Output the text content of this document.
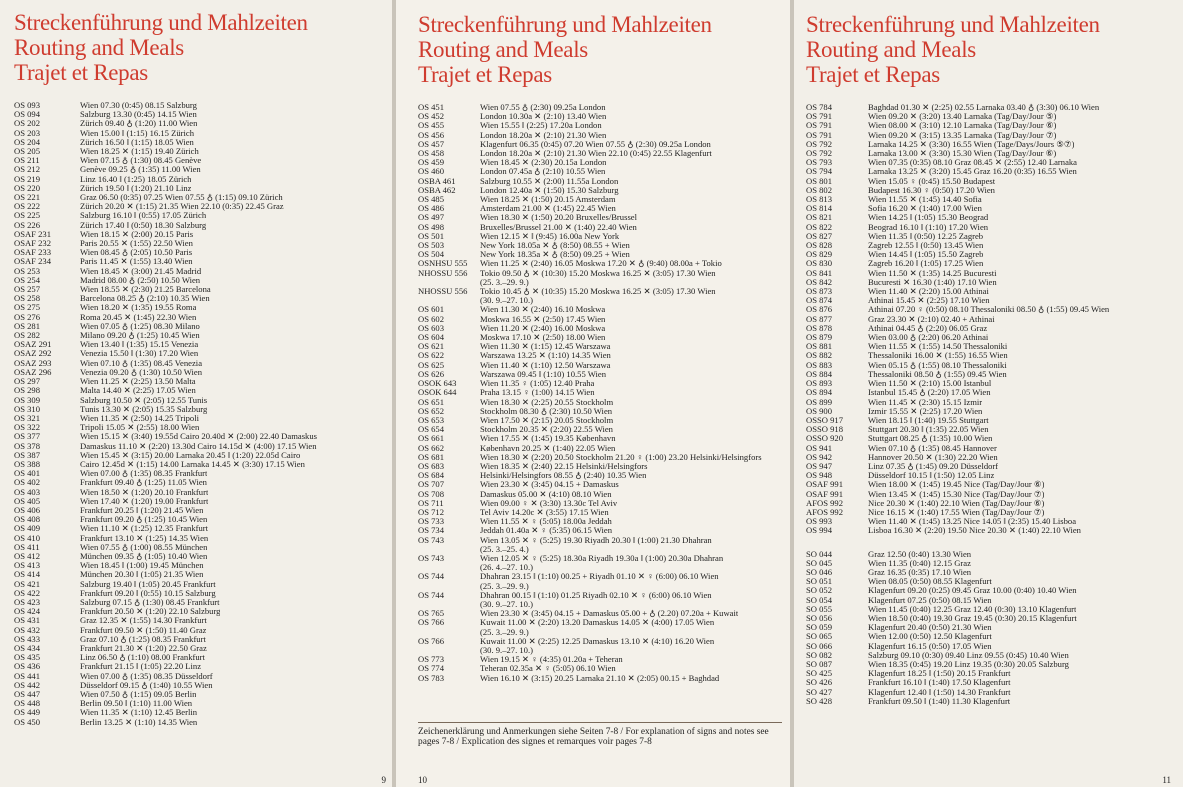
Streckenführung und Mahlzeiten
Routing and Meals
Trajet et Repas
OS 093	Wien 07.30 (0:45) 08.15 Salzburg
OS 094	Salzburg 13.30 (0:45) 14.15 Wien
OS 202	Zürich 09.40 ♁ (1:20) 11.00 Wien
OS 203	Wien 15.00 ‖ (1:15) 16.15 Zürich
OS 204	Zürich 16.50 ‖ (1:15) 18.05 Wien
OS 205	Wien 18.25 ✕ (1:15) 19.40 Zürich
OS 211	Wien 07.15 ♁ (1:30) 08.45 Genève
OS 212	Genève 09.25 ♁ (1:35) 11.00 Wien
OS 219	Linz 16.40 ‖ (1:25) 18.05 Zürich
OS 220	Zürich 19.50 ‖ (1:20) 21.10 Linz
OS 221	Graz 06.50 (0:35) 07.25 Wien 07.55 ♁ (1:15) 09.10 Zürich
OS 222	Zürich 20.20 ✕ (1:15) 21.35 Wien 22.10 (0:35) 22.45 Graz
OS 225	Salzburg 16.10 ‖ (0:55) 17.05 Zürich
OS 226	Zürich 17.40 ‖ (0:50) 18.30 Salzburg
OSAF 231	Wien 18.15 ✕ (2:00) 20.15 Paris
OSAF 232	Paris 20.55 ✕ (1:55) 22.50 Wien
OSAF 233	Wien 08.45 ♁ (2:05) 10.50 Paris
OSAF 234	Paris 11.45 ✕ (1:55) 13.40 Wien
OS 253	Wien 18.45 ✕ (3:00) 21.45 Madrid
OS 254	Madrid 08.00 ♁ (2:50) 10.50 Wien
OS 257	Wien 18.55 ✕ (2:30) 21.25 Barcelona
OS 258	Barcelona 08.25 ♁ (2:10) 10.35 Wien
OS 275	Wien 18.20 ✕ (1:35) 19.55 Roma
OS 276	Roma 20.45 ✕ (1:45) 22.30 Wien
OS 281	Wien 07.05 ♁ (1:25) 08.30 Milano
OS 282	Milano 09.20 ♁ (1:25) 10.45 Wien
OSAZ 291	Wien 13.40 ‖ (1:35) 15.15 Venezia
OSAZ 292	Venezia 15.50 ‖ (1:30) 17.20 Wien
OSAZ 293	Wien 07.10 ♁ (1:35) 08.45 Venezia
OSAZ 296	Venezia 09.20 ♁ (1:30) 10.50 Wien
OS 297	Wien 11.25 ✕ (2:25) 13.50 Malta
OS 298	Malta 14.40 ✕ (2:25) 17.05 Wien
OS 309	Salzburg 10.50 ✕ (2:05) 12.55 Tunis
OS 310	Tunis 13.30 ✕ (2:05) 15.35 Salzburg
OS 321	Wien 11.35 ✕ (2:50) 14.25 Tripoli
OS 322	Tripoli 15.05 ✕ (2:55) 18.00 Wien
OS 377	Wien 15.15 ✕ (3:40) 19.55d Cairo 20.40d ✕ (2:00) 22.40 Damaskus
OS 378	Damaskus 11.10 ✕ (2:20) 13.30d Cairo 14.15d ✕ (4:00) 17.15 Wien
OS 387	Wien 15.45 ✕ (3:15) 20.00 Larnaka 20.45 ‖ (1:20) 22.05d Cairo
OS 388	Cairo 12.45d ✕ (1:15) 14.00 Larnaka 14.45 ✕ (3:30) 17.15 Wien
OS 401	Wien 07.00 ♁ (1:35) 08.35 Frankfurt
OS 402	Frankfurt 09.40 ♁ (1:25) 11.05 Wien
OS 403	Wien 18.50 ✕ (1:20) 20.10 Frankfurt
OS 405	Wien 17.40 ✕ (1:20) 19.00 Frankfurt
OS 406	Frankfurt 20.25 ‖ (1:20) 21.45 Wien
OS 408	Frankfurt 09.20 ♁ (1:25) 10.45 Wien
OS 409	Wien 11.10 ✕ (1:25) 12.35 Frankfurt
OS 410	Frankfurt 13.10 ✕ (1:25) 14.35 Wien
OS 411	Wien 07.55 ♁ (1:00) 08.55 München
OS 412	München 09.35 ♁ (1:05) 10.40 Wien
OS 413	Wien 18.45 ‖ (1:00) 19.45 München
OS 414	München 20.30 ‖ (1:05) 21.35 Wien
OS 421	Salzburg 19.40 ‖ (1:05) 20.45 Frankfurt
OS 422	Frankfurt 09.20 ‖ (0:55) 10.15 Salzburg
OS 423	Salzburg 07.15 ♁ (1:30) 08.45 Frankfurt
OS 424	Frankfurt 20.50 ✕ (1:20) 22.10 Salzburg
OS 431	Graz 12.35 ✕ (1:55) 14.30 Frankfurt
OS 432	Frankfurt 09.50 ✕ (1:50) 11.40 Graz
OS 433	Graz 07.10 ♁ (1:25) 08.35 Frankfurt
OS 434	Frankfurt 21.30 ✕ (1:20) 22.50 Graz
OS 435	Linz 06.50 ♁ (1:10) 08.00 Frankfurt
OS 436	Frankfurt 21.15 ‖ (1:05) 22.20 Linz
OS 441	Wien 07.00 ♁ (1:35) 08.35 Düsseldorf
OS 442	Düsseldorf 09.15 ♁ (1:40) 10.55 Wien
OS 447	Wien 07.50 ♁ (1:15) 09.05 Berlin
OS 448	Berlin 09.50 ‖ (1:10) 11.00 Wien
OS 449	Wien 11.35 ✕ (1:10) 12.45 Berlin
OS 450	Berlin 13.25 ✕ (1:10) 14.35 Wien
9
Streckenführung und Mahlzeiten
Routing and Meals
Trajet et Repas
OS 451	Wien 07.55 ♁ (2:30) 09.25a London
OS 452	London 10.30a ✕ (2:10) 13.40 Wien
OS 455	Wien 15.55 ‖ (2:25) 17.20a London
OS 456	London 18.20a ✕ (2:10) 21.30 Wien
OS 457	Klagenfurt 06.35 (0:45) 07.20 Wien 07.55 ♁ (2:30) 09.25a London
OS 458	London 18.20a ✕ (2:10) 21.30 Wien 22.10 (0:45) 22.55 Klagenfurt
OS 459	Wien 18.45 ✕ (2:30) 20.15a London
OS 460	London 07.45a ♁ (2:10) 10.55 Wien
OSBA 461	Salzburg 10.55 ✕ (2:00) 11.55a London
OSBA 462	London 12.40a ✕ (1:50) 15.30 Salzburg
OS 485	Wien 18.25 ✕ (1:50) 20.15 Amsterdam
OS 486	Amsterdam 21.00 ✕ (1:45) 22.45 Wien
OS 497	Wien 18.30 ✕ (1:50) 20.20 Bruxelles/Brussel
OS 498	Bruxelles/Brussel 21.00 ✕ (1:40) 22.40 Wien
OS 501	Wien 12.15 ✕ ‖ (9:45) 16.00a New York
OS 503	New York 18.05a ✕ ♁ (8:50) 08.55 + Wien
OS 504	New York 18.35a ✕ ♁ (8:50) 09.25 + Wien
OSNHSU 555	Wien 11.25 ✕ (2:40) 16.05 Moskwa 17.20 ✕ ♁ (9:40) 08.00a + Tokio
NHOSSU 556	Tokio 09.50 ♁ ✕ (10:30) 15.20 Moskwa 16.25 ✕ (3:05) 17.30 Wien
(25. 3.–29. 9.)
NHOSSU 556	Tokio 10.45 ♁ ✕ (10:35) 15.20 Moskwa 16.25 ✕ (3:05) 17.30 Wien
(30. 9.–27. 10.)
OS 601	Wien 11.30 ✕ (2:40) 16.10 Moskwa
OS 602	Moskwa 16.55 ✕ (2:50) 17.45 Wien
OS 603	Wien 11.20 ✕ (2:40) 16.00 Moskwa
OS 604	Moskwa 17.10 ✕ (2:50) 18.00 Wien
OS 621	Wien 11.30 ✕ (1:15) 12.45 Warszawa
OS 622	Warszawa 13.25 ✕ (1:10) 14.35 Wien
OS 625	Wien 11.40 ✕ (1:10) 12.50 Warszawa
OS 626	Warszawa 09.45 ‖ (1:10) 10.55 Wien
OSOK 643	Wien 11.35 ♀ (1:05) 12.40 Praha
OSOK 644	Praha 13.15 ♀ (1:00) 14.15 Wien
OS 651	Wien 18.30 ✕ (2:25) 20.55 Stockholm
OS 652	Stockholm 08.30 ♁ (2:30) 10.50 Wien
OS 653	Wien 17.50 ✕ (2:15) 20.05 Stockholm
OS 654	Stockholm 20.35 ✕ (2:20) 22.55 Wien
OS 661	Wien 17.55 ✕ (1:45) 19.35 København
OS 662	København 20.25 ✕ (1:40) 22.05 Wien
OS 681	Wien 18.30 ✕ (2:20) 20.50 Stockholm 21.20 ♀ (1:00) 23.20 Helsinki/Helsingfors
OS 683	Wien 18.35 ✕ (2:40) 22.15 Helsinki/Helsingfors
OS 684	Helsinki/Helsingfors 08.55 ♁ (2:40) 10.35 Wien
OS 707	Wien 23.30 ✕ (3:45) 04.15 + Damaskus
OS 708	Damaskus 05.00 ✕ (4:10) 08.10 Wien
OS 711	Wien 09.00 ♀ ✕ (3:30) 13.30c Tel Aviv
OS 712	Tel Aviv 14.20c ✕ (3:55) 17.15 Wien
OS 733	Wien 11.55 ✕ ♀ (5:05) 18.00a Jeddah
OS 734	Jeddah 01.40a ✕ ♀ (5:35) 06.15 Wien
OS 743	Wien 13.05 ✕ ♀ (5:25) 19.30 Riyadh 20.30 ‖ (1:00) 21.30 Dhahran
(25. 3.–25. 4.)
OS 743	Wien 12.05 ✕ ♀ (5:25) 18.30a Riyadh 19.30a ‖ (1:00) 20.30a Dhahran
(26. 4.–27. 10.)
OS 744	Dhahran 23.15 ‖ (1:10) 00.25 + Riyadh 01.10 ✕ ♀ (6:00) 06.10 Wien
(25. 3.–29. 9.)
OS 744	Dhahran 00.15 ‖ (1:10) 01.25 Riyadh 02.10 ✕ ♀ (6:00) 06.10 Wien
(30. 9.–27. 10.)
OS 765	Wien 23.30 ✕ (3:45) 04.15 + Damaskus 05.00 + ♁ (2.20) 07.20a + Kuwait
OS 766	Kuwait 11.00 ✕ (2:20) 13.20 Damaskus 14.05 ✕ (4:00) 17.05 Wien
(25. 3.–29. 9.)
OS 766	Kuwait 11.00 ✕ (2:25) 12.25 Damaskus 13.10 ✕ (4:10) 16.20 Wien
(30. 9.–27. 10.)
OS 773	Wien 19.15 ✕ ♀ (4:35) 01.20a + Teheran
OS 774	Teheran 02.35a ✕ ♀ (5:05) 06.10 Wien
OS 783	Wien 16.10 ✕ (3:15) 20.25 Larnaka 21.10 ✕ (2:05) 00.15 + Baghdad
Zeichenerklärung und Anmerkungen siehe Seiten 7-8 / For explanation of signs and notes see pages 7-8 / Explication des signes et remarques voir pages 7-8
10
Streckenführung und Mahlzeiten
Routing and Meals
Trajet et Repas
OS 784	Baghdad 01.30 ✕ (2:25) 02.55 Larnaka 03.40 ♁ (3:30) 06.10 Wien
OS 791	Wien 09.20 ✕ (3:20) 13.40 Larnaka (Tag/Day/Jour ⑤)
OS 791	Wien 08.00 ✕ (3:10) 12.10 Larnaka (Tag/Day/Jour ⑥)
OS 791	Wien 09.20 ✕ (3:15) 13.35 Larnaka (Tag/Day/Jour ⑦)
OS 792	Larnaka 14.25 ✕ (3:30) 16.55 Wien (Tage/Days/Jours ⑤⑦)
OS 792	Larnaka 13.00 ✕ (3:30) 15.30 Wien (Tag/Day/Jour ⑥)
OS 793	Wien 07.35 (0:35) 08.10 Graz 08.45 ✕ (2:55) 12.40 Larnaka
OS 794	Larnaka 13.25 ✕ (3:20) 15.45 Graz 16.20 (0:35) 16.55 Wien
OS 801	Wien 15.05 ♀ (0:45) 15.50 Budapest
OS 802	Budapest 16.30 ♀ (0:50) 17.20 Wien
OS 813	Wien 11.55 ✕ (1:45) 14.40 Sofia
OS 814	Sofia 16.20 ✕ (1:40) 17.00 Wien
OS 821	Wien 14.25 ‖ (1:05) 15.30 Beograd
OS 822	Beograd 16.10 ‖ (1:10) 17.20 Wien
OS 827	Wien 11.35 ‖ (0:50) 12.25 Zagreb
OS 828	Zagreb 12.55 ‖ (0:50) 13.45 Wien
OS 829	Wien 14.45 ‖ (1:05) 15.50 Zagreb
OS 830	Zagreb 16.20 ‖ (1:05) 17.25 Wien
OS 841	Wien 11.50 ✕ (1:35) 14.25 Bucuresti
OS 842	Bucuresti ✕ 16.30 (1:40) 17.10 Wien
OS 873	Wien 11.40 ✕ (2:20) 15.00 Athinai
OS 874	Athinai 15.45 ✕ (2:25) 17.10 Wien
OS 876	Athinai 07.20 ♀ (0:50) 08.10 Thessaloniki 08.50 ♁ (1:55) 09.45 Wien
OS 877	Graz 23.30 ✕ (2:10) 02.40 + Athinai
OS 878	Athinai 04.45 ♁ (2:20) 06.05 Graz
OS 879	Wien 03.00 ♁ (2:20) 06.20 Athinai
OS 881	Wien 11.55 ✕ (1:55) 14.50 Thessaloniki
OS 882	Thessaloniki 16.00 ✕ (1:55) 16.55 Wien
OS 883	Wien 05.15 ♁ (1:55) 08.10 Thessaloniki
OS 884	Thessaloniki 08.50 ♁ (1:55) 09.45 Wien
OS 893	Wien 11.50 ✕ (2:10) 15.00 Istanbul
OS 894	Istanbul 15.45 ♁ (2:20) 17.05 Wien
OS 899	Wien 11.45 ✕ (2:30) 15.15 Izmir
OS 900	Izmir 15.55 ✕ (2:25) 17.20 Wien
OSSO 917	Wien 18.15 ‖ (1:40) 19.55 Stuttgart
OSSO 918	Stuttgart 20.30 ‖ (1:35) 22.05 Wien
OSSO 920	Stuttgart 08.25 ♁ (1:35) 10.00 Wien
OS 941	Wien 07.10 ♁ (1:35) 08.45 Hannover
OS 942	Hannover 20.50 ✕ (1:30) 22.20 Wien
OS 947	Linz 07.35 ♁ (1:45) 09.20 Düsseldorf
OS 948	Düsseldorf 10.15 ‖ (1:50) 12.05 Linz
OSAF 991	Wien 18.00 ✕ (1:45) 19.45 Nice (Tag/Day/Jour ⑥)
OSAF 991	Wien 13.45 ✕ (1:45) 15.30 Nice (Tag/Day/Jour ⑦)
AFOS 992	Nice 20.30 ✕ (1:40) 22.10 Wien (Tag/Day/Jour ⑥)
AFOS 992	Nice 16.15 ✕ (1:40) 17.55 Wien (Tag/Day/Jour ⑦)
OS 993	Wien 11.40 ✕ (1:45) 13.25 Nice 14.05 ‖ (2:35) 15.40 Lisboa
OS 994	Lisboa 16.30 ✕ (2:20) 19.50 Nice 20.30 ✕ (1:40) 22.10 Wien
SO 044	Graz 12.50 (0:40) 13.30 Wien
SO 045	Wien 11.35 (0:40) 12.15 Graz
SO 046	Graz 16.35 (0:35) 17.10 Wien
SO 051	Wien 08.05 (0:50) 08.55 Klagenfurt
SO 052	Klagenfurt 09.20 (0:25) 09.45 Graz 10.00 (0:40) 10.40 Wien
SO 054	Klagenfurt 07.25 (0:50) 08.15 Wien
SO 055	Wien 11.45 (0:40) 12.25 Graz 12.40 (0:30) 13.10 Klagenfurt
SO 056	Wien 18.50 (0:40) 19.30 Graz 19.45 (0:30) 20.15 Klagenfurt
SO 059	Klagenfurt 20.40 (0:50) 21.30 Wien
SO 065	Wien 12.00 (0:50) 12.50 Klagenfurt
SO 066	Klagenfurt 16.15 (0:50) 17.05 Wien
SO 082	Salzburg 09.10 (0:30) 09.40 Linz 09.55 (0:45) 10.40 Wien
SO 087	Wien 18.35 (0:45) 19.20 Linz 19.35 (0:30) 20.05 Salzburg
SO 425	Klagenfurt 18.25 ‖ (1:50) 20.15 Frankfurt
SO 426	Frankfurt 16.10 ‖ (1:40) 17.50 Klagenfurt
SO 427	Klagenfurt 12.40 ‖ (1:50) 14.30 Frankfurt
SO 428	Frankfurt 09.50 ‖ (1:40) 11.30 Klagenfurt
11
